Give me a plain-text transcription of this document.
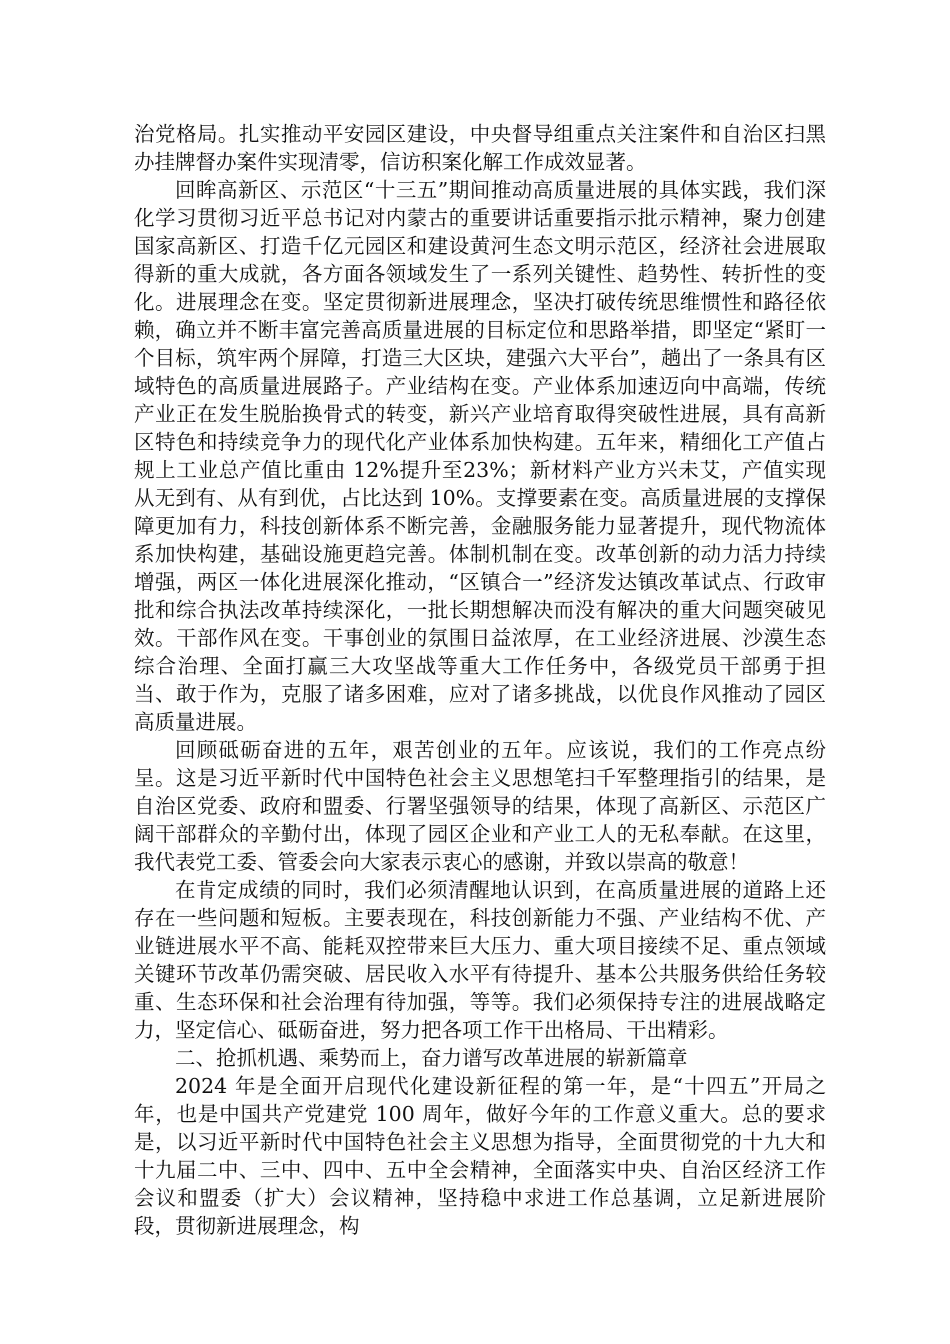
治党格局。扎实推动平安园区建设，中央督导组重点关注案件和自治区扫黑办挂牌督办案件实现清零，信访积案化解工作成效显著。

回眸高新区、示范区“十三五”期间推动高质量进展的具体实践，我们深化学习贯彻习近平总书记对内蒙古的重要讲话重要指示批示精神，聚力创建国家高新区、打造千亿元园区和建设黄河生态文明示范区，经济社会进展取得新的重大成就，各方面各领域发生了一系列关键性、趋势性、转折性的变化。进展理念在变。坚定贯彻新进展理念，坚决打破传统思维惯性和路径依赖，确立并不断丰富完善高质量进展的目标定位和思路举措，即坚定“紧盯一个目标，筑牢两个屏障，打造三大区块，建强六大平台”，趟出了一条具有区域特色的高质量进展路子。产业结构在变。产业体系加速迈向中高端，传统产业正在发生脱胎换骨式的转变，新兴产业培育取得突破性进展，具有高新区特色和持续竞争力的现代化产业体系加快构建。五年来，精细化工产值占规上工业总产值比重由 12%提升至23%；新材料产业方兴未艾，产值实现从无到有、从有到优，占比达到 10%。支撑要素在变。高质量进展的支撑保障更加有力，科技创新体系不断完善，金融服务能力显著提升，现代物流体系加快构建，基础设施更趋完善。体制机制在变。改革创新的动力活力持续增强，两区一体化进展深化推动，“区镇合一”经济发达镇改革试点、行政审批和综合执法改革持续深化，一批长期想解决而没有解决的重大问题突破见效。干部作风在变。干事创业的氛围日益浓厚，在工业经济进展、沙漠生态综合治理、全面打赢三大攻坚战等重大工作任务中，各级党员干部勇于担当、敢于作为，克服了诸多困难，应对了诸多挑战，以优良作风推动了园区高质量进展。

回顾砥砺奋进的五年，艰苦创业的五年。应该说，我们的工作亮点纷呈。这是习近平新时代中国特色社会主义思想笔扫千军整理指引的结果，是自治区党委、政府和盟委、行署坚强领导的结果，体现了高新区、示范区广阔干部群众的辛勤付出，体现了园区企业和产业工人的无私奉献。在这里，我代表党工委、管委会向大家表示衷心的感谢，并致以崇高的敬意！

在肯定成绩的同时，我们必须清醒地认识到，在高质量进展的道路上还存在一些问题和短板。主要表现在，科技创新能力不强、产业结构不优、产业链进展水平不高、能耗双控带来巨大压力、重大项目接续不足、重点领域关键环节改革仍需突破、居民收入水平有待提升、基本公共服务供给任务较重、生态环保和社会治理有待加强，等等。我们必须保持专注的进展战略定力，坚定信心、砥砺奋进，努力把各项工作干出格局、干出精彩。

二、抢抓机遇、乘势而上，奋力谱写改革进展的崭新篇章

2024 年是全面开启现代化建设新征程的第一年，是“十四五”开局之年，也是中国共产党建党 100 周年，做好今年的工作意义重大。总的要求是，以习近平新时代中国特色社会主义思想为指导，全面贯彻党的十九大和十九届二中、三中、四中、五中全会精神，全面落实中央、自治区经济工作会议和盟委（扩大）会议精神，坚持稳中求进工作总基调，立足新进展阶段，贯彻新进展理念，构
